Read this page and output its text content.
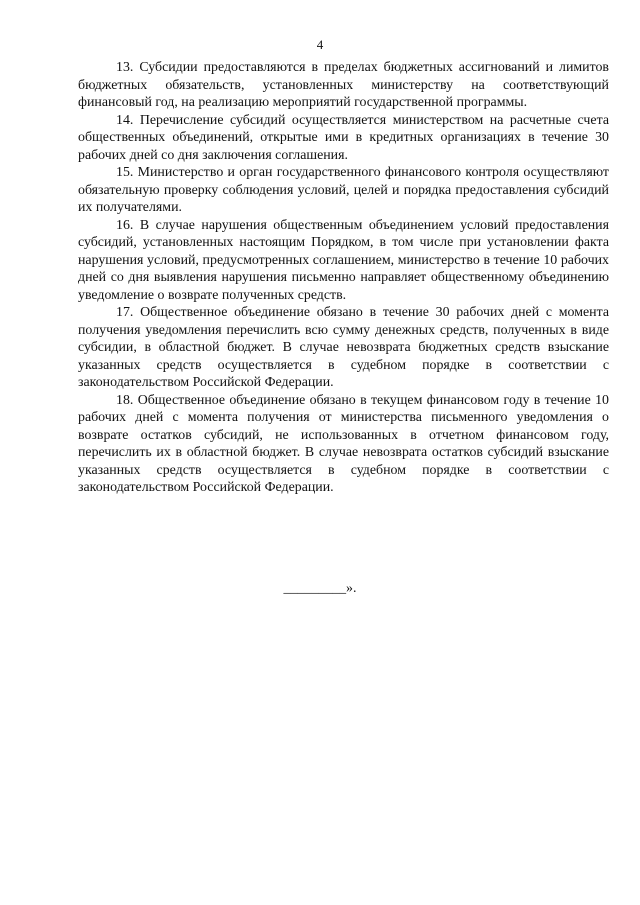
4

13. Субсидии предоставляются в пределах бюджетных ассигнований и лимитов бюджетных обязательств, установленных министерству на соответствующий финансовый год, на реализацию мероприятий государственной программы.

14. Перечисление субсидий осуществляется министерством на расчетные счета общественных объединений, открытые ими в кредитных организациях в течение 30 рабочих дней со дня заключения соглашения.

15. Министерство и орган государственного финансового контроля осуществляют обязательную проверку соблюдения условий, целей и порядка предоставления субсидий их получателями.

16. В случае нарушения общественным объединением условий предоставления субсидий, установленных настоящим Порядком, в том числе при установлении факта нарушения условий, предусмотренных соглашением, министерство в течение 10 рабочих дней со дня выявления нарушения письменно направляет общественному объединению уведомление о возврате полученных средств.

17. Общественное объединение обязано в течение 30 рабочих дней с момента получения уведомления перечислить всю сумму денежных средств, полученных в виде субсидии, в областной бюджет. В случае невозврата бюджетных средств взыскание указанных средств осуществляется в судебном порядке в соответствии с законодательством Российской Федерации.

18. Общественное объединение обязано в текущем финансовом году в течение 10 рабочих дней с момента получения от министерства письменного уведомления о возврате остатков субсидий, не использованных в отчетном финансовом году, перечислить их в областной бюджет. В случае невозврата остатков субсидий взыскание указанных средств осуществляется в судебном порядке в соответствии с законодательством Российской Федерации.

_________».
